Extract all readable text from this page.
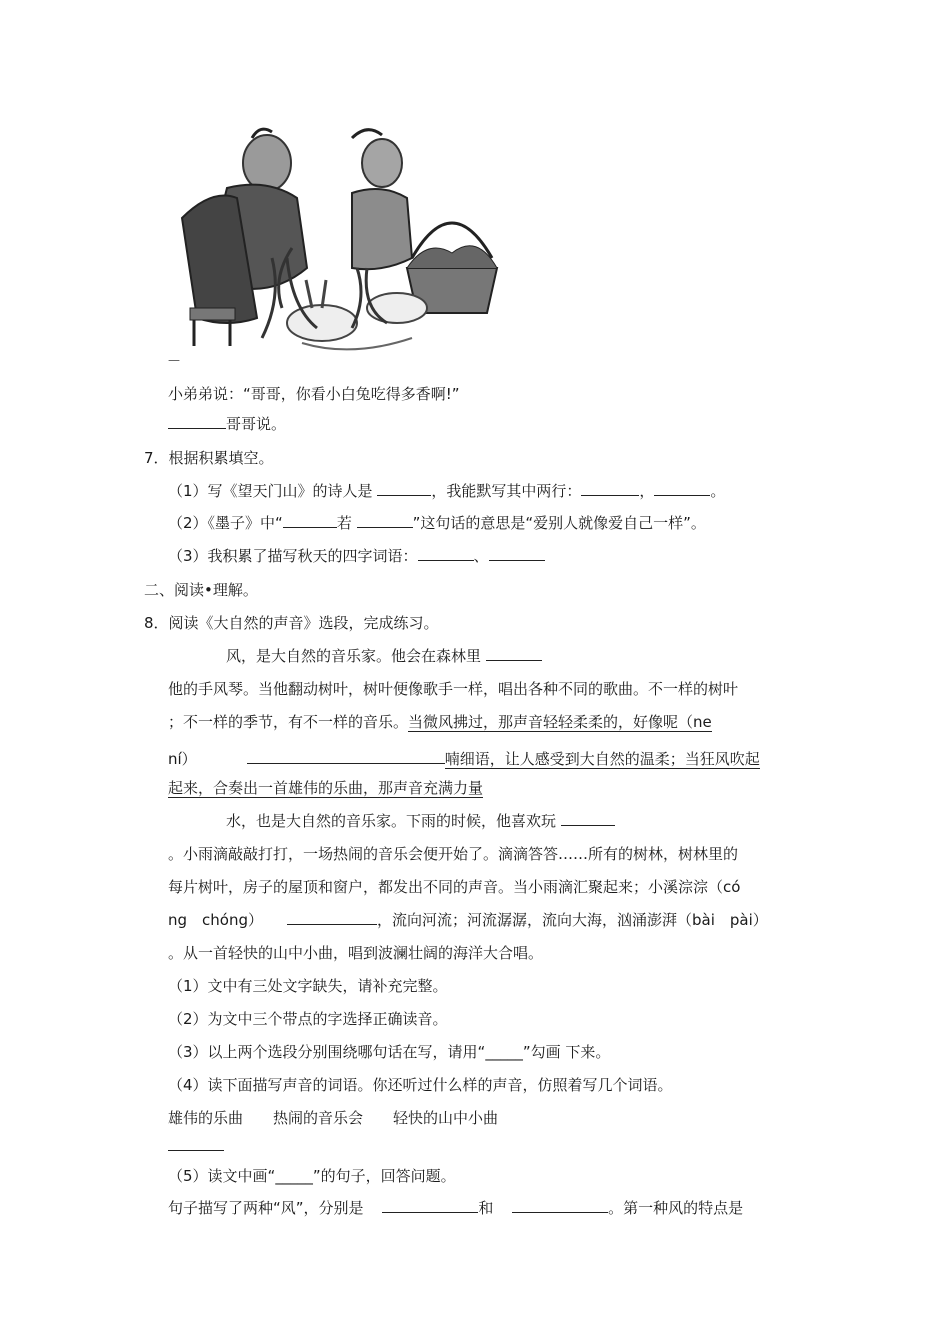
—
小弟弟说：“哥哥，你看小白兔吃得多香啊!”
哥哥说。
7．根据积累填空。
（1）写《望天门山》的诗人是	，我能默写其中两行：	，	。
（2）《墨子》中“	若	”这句话的意思是“爱别人就像爱自己一样”。
（3）我积累了描写秋天的四字词语：	、
二、阅读•理解。
8．阅读《大自然的声音》选段，完成练习。
风，是大自然的音乐家。他会在森林里
他的手风琴。当他翻动树叶，树叶便像歌手一样，唱出各种不同的歌曲。不一样的树叶
；不一样的季节，有不一样的音乐。当微风拂过，那声音轻轻柔柔的，好像呢（ne
ní）	喃细语，让人感受到大自然的温柔；当狂风吹起
起来，合奏出一首雄伟的乐曲，那声音充满力量
水，也是大自然的音乐家。下雨的时候，他喜欢玩
。小雨滴敲敲打打，一场热闹的音乐会便开始了。滴滴答答……所有的树林，树林里的
每片树叶，房子的屋顶和窗户，都发出不同的声音。当小雨滴汇聚起来；小溪淙淙（có
ng　chóng）	，流向河流；河流潺潺，流向大海，汹涌澎湃（bài　pài）
。从一首轻快的山中小曲，唱到波澜壮阔的海洋大合唱。
（1）文中有三处文字缺失，请补充完整。
（2）为文中三个带点的字选择正确读音。
（3）以上两个选段分别围绕哪句话在写，请用“_____”勾画 下来。
（4）读下面描写声音的词语。你还听过什么样的声音，仿照着写几个词语。
雄伟的乐曲 热闹的音乐会 轻快的山中小曲
（5）读文中画“_____”的句子，回答问题。
句子描写了两种“风”，分别是	和	。第一种风的特点是
